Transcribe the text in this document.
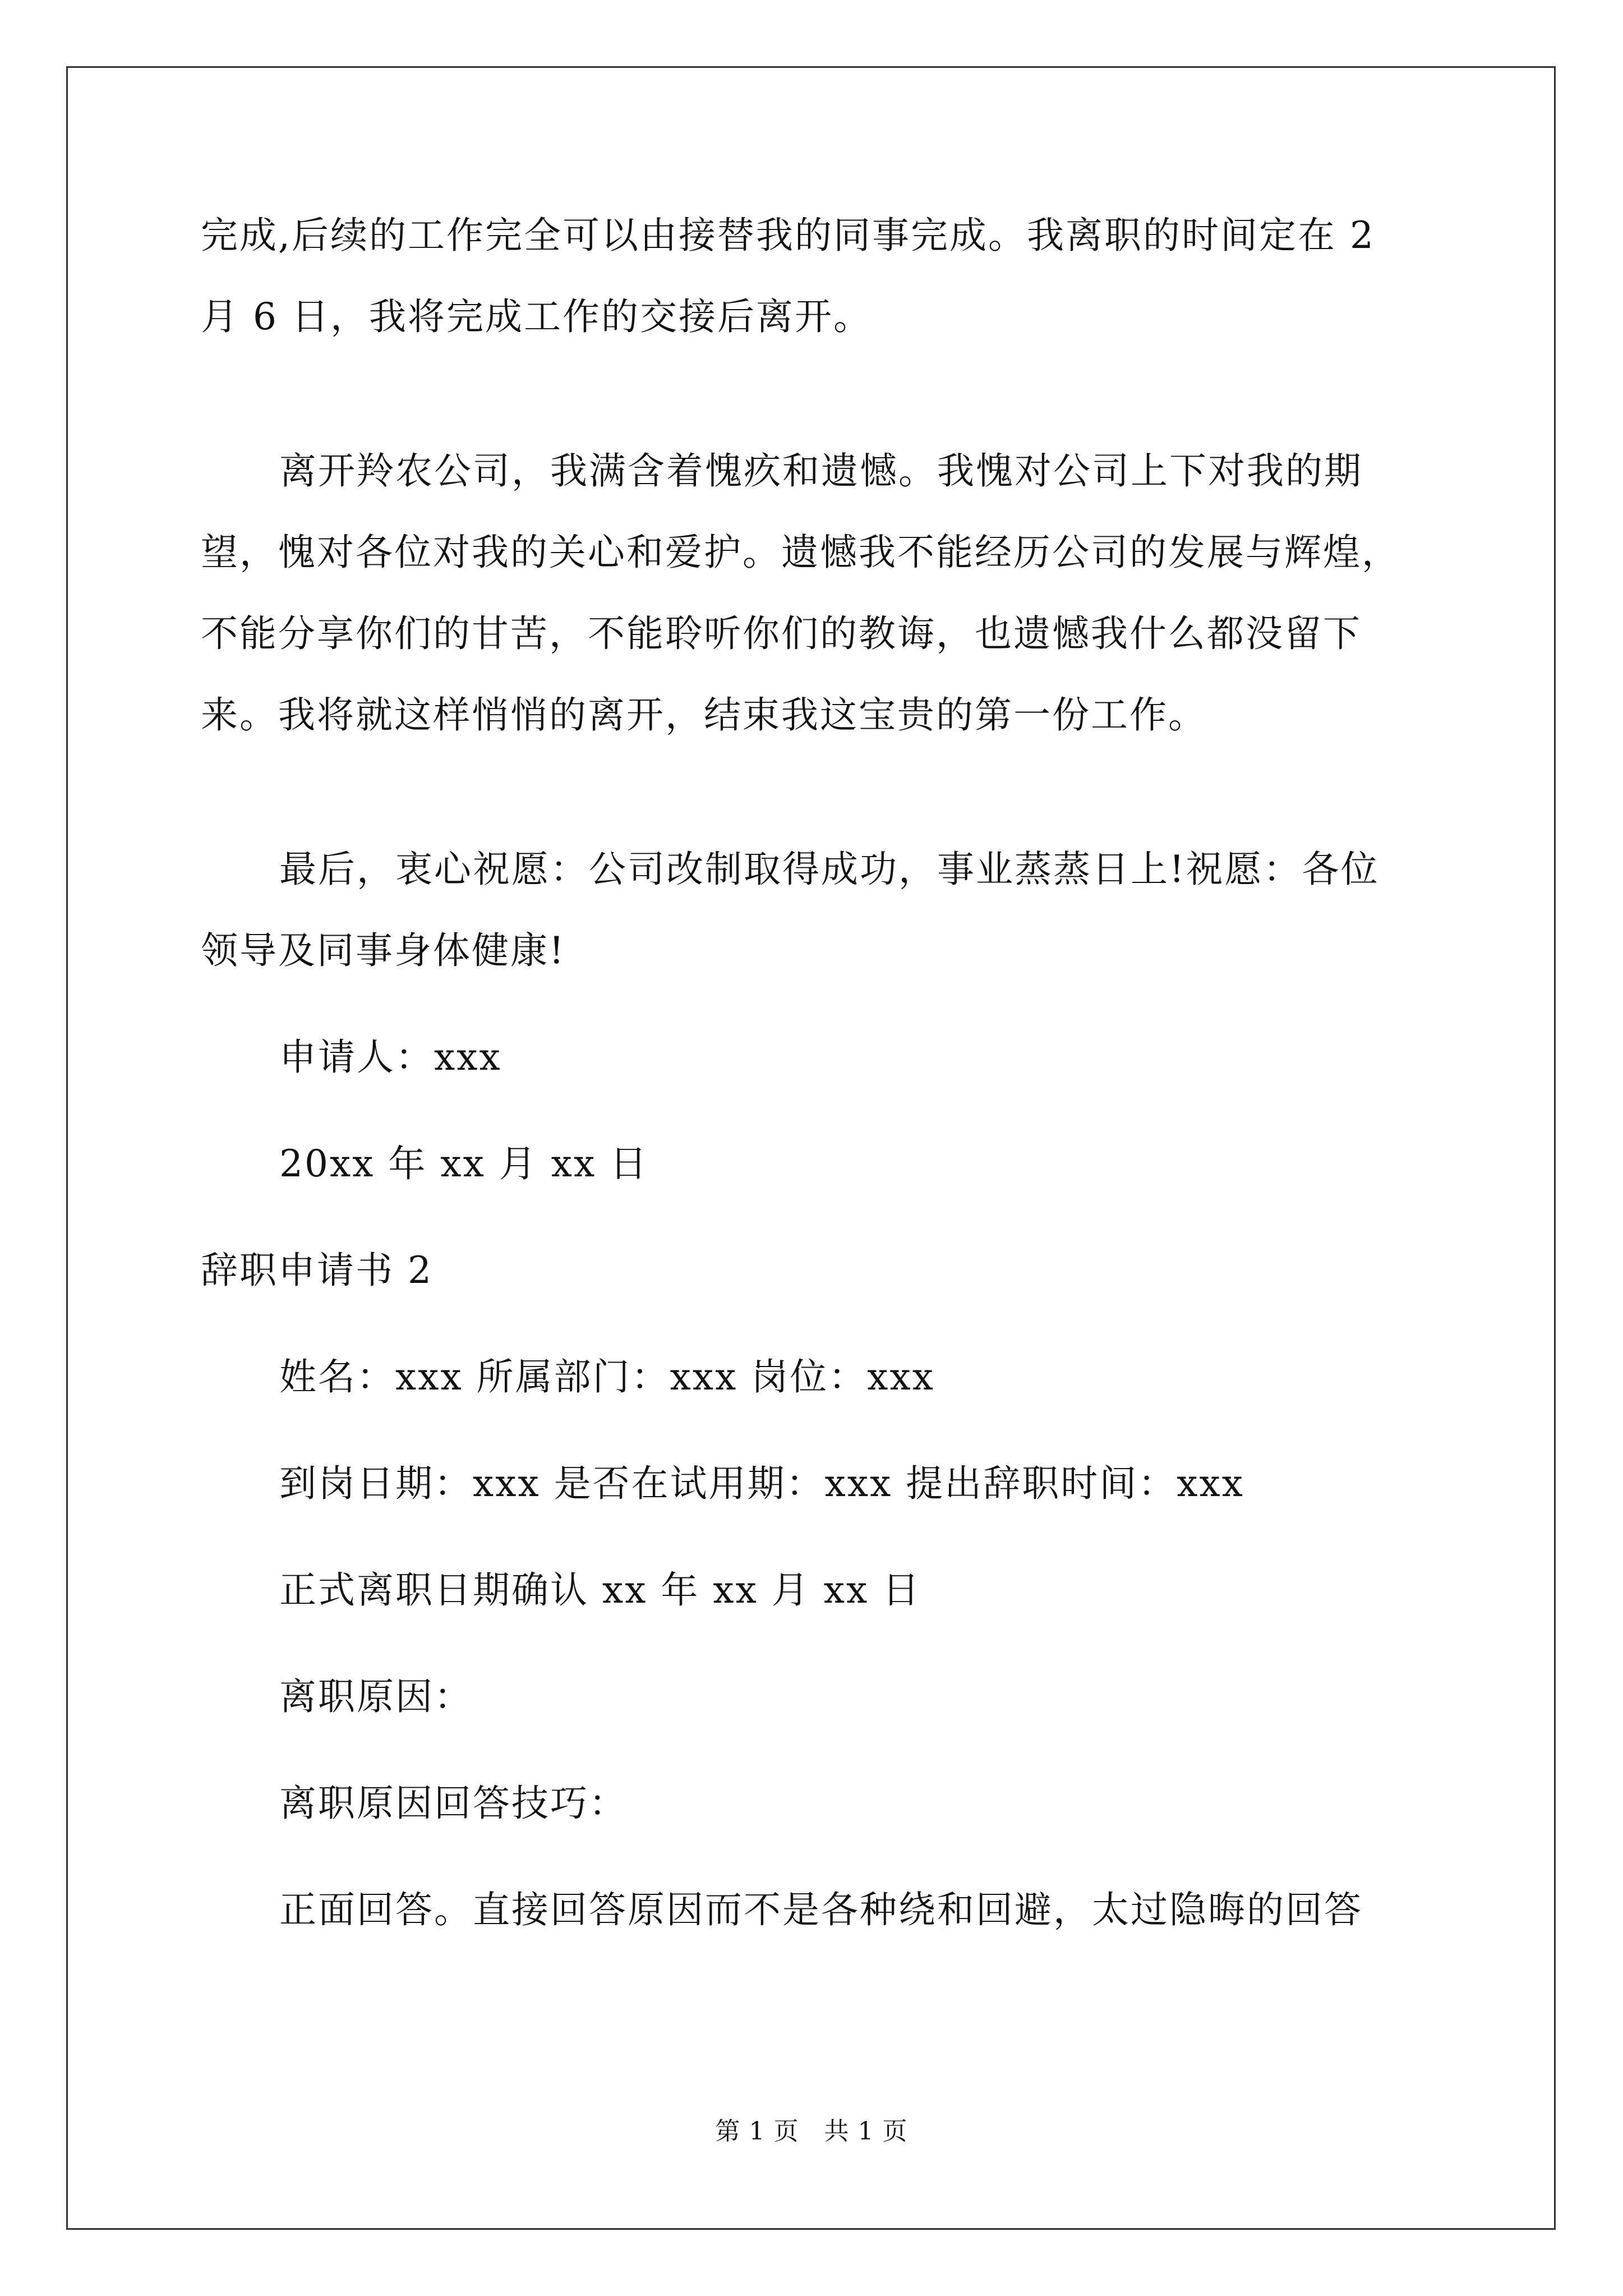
完成,后续的工作完全可以由接替我的同事完成。我离职的时间定在 2
月 6 日，我将完成工作的交接后离开。
离开羚农公司，我满含着愧疚和遗憾。我愧对公司上下对我的期
望，愧对各位对我的关心和爱护。遗憾我不能经历公司的发展与辉煌，
不能分享你们的甘苦，不能聆听你们的教诲，也遗憾我什么都没留下
来。我将就这样悄悄的离开，结束我这宝贵的第一份工作。
最后，衷心祝愿：公司改制取得成功，事业蒸蒸日上!祝愿：各位
领导及同事身体健康!
申请人：xxx
20xx 年 xx 月 xx 日
辞职申请书 2
姓名：xxx 所属部门：xxx 岗位：xxx
到岗日期：xxx 是否在试用期：xxx 提出辞职时间：xxx
正式离职日期确认 xx 年 xx 月 xx 日
离职原因：
离职原因回答技巧：
正面回答。直接回答原因而不是各种绕和回避，太过隐晦的回答
第 1 页　共 1 页
